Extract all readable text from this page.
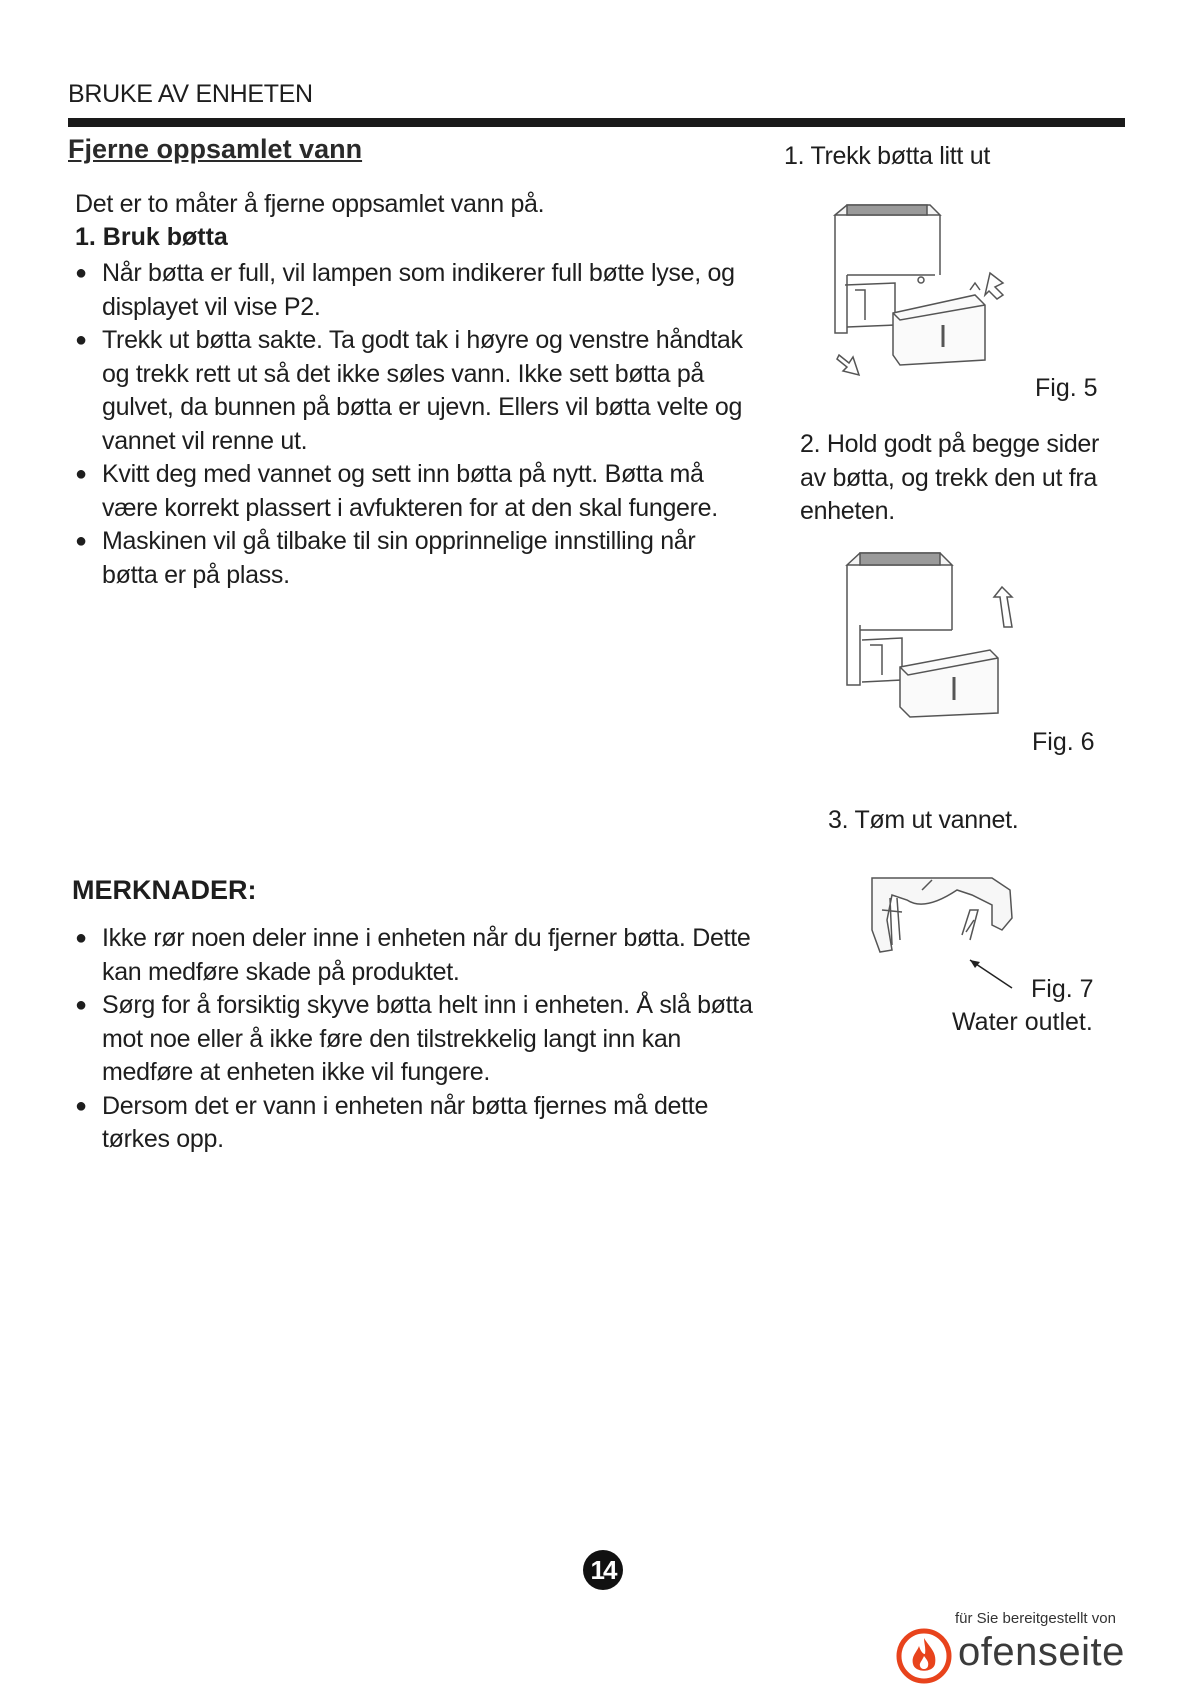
BRUKE AV ENHETEN
Fjerne oppsamlet vann
Det er to måter å fjerne oppsamlet vann på.
1. Bruk bøtta
● Når bøtta er full, vil lampen som indikerer full bøtte lyse, og displayet vil vise P2.
● Trekk ut bøtta sakte. Ta godt tak i høyre og venstre håndtak og trekk rett ut så det ikke søles vann. Ikke sett bøtta på gulvet, da bunnen på bøtta er ujevn. Ellers vil bøtta velte og vannet vil renne ut.
● Kvitt deg med vannet og sett inn bøtta på nytt. Bøtta må være korrekt plassert i avfukteren for at den skal fungere.
● Maskinen vil gå tilbake til sin opprinnelige innstilling når bøtta er på plass.
MERKNADER:
● Ikke rør noen deler inne i enheten når du fjerner bøtta. Dette kan medføre skade på produktet.
● Sørg for å forsiktig skyve bøtta helt inn i enheten. Å slå bøtta mot noe eller å ikke føre den tilstrekkelig langt inn kan medføre at enheten ikke vil fungere.
● Dersom det er vann i enheten når bøtta fjernes må dette tørkes opp.
1. Trekk bøtta litt ut
Fig. 5
2. Hold godt på begge sider av bøtta, og trekk den ut fra enheten.
Fig. 6
3. Tøm ut vannet.
Fig. 7
Water outlet.
14
für Sie bereitgestellt von
ofenseite
